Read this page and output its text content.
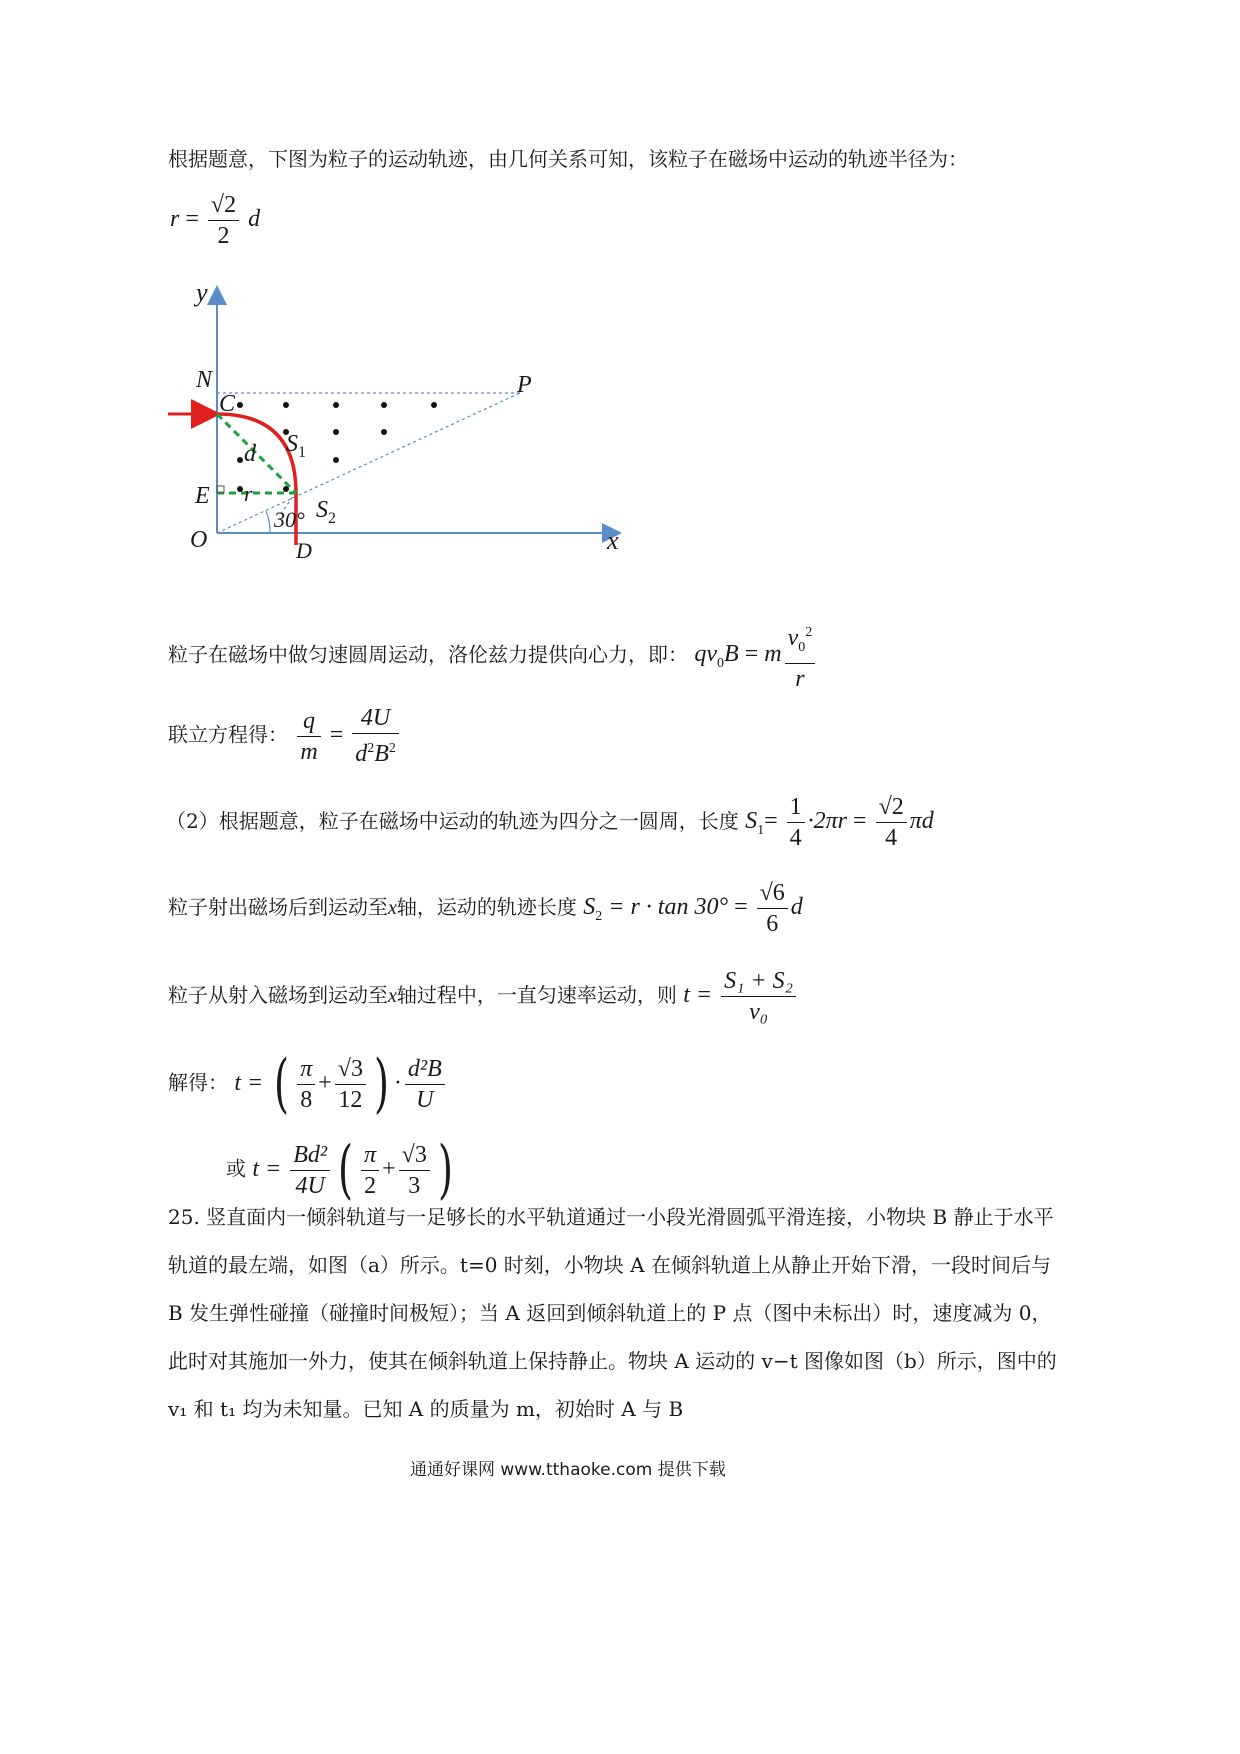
根据题意，下图为粒子的运动轨迹，由几何关系可知，该粒子在磁场中运动的轨迹半径为：
$r = \frac{√2}{2}$ d
y
x
N
C
P
E
O	D
d
r
$S_1$
$S_2$
30°
粒子在磁场中做匀速圆周运动，洛伦兹力提供向心力，即： $qv_0B = m \frac{v_0^2}{r}$
联立方程得： $\frac{q}{m} = \frac{4U}{d^2B^2}$
（2）根据题意，粒子在磁场中运动的轨迹为四分之一圆周，长度 $S_1= \frac{1}{4} \cdot 2\pi r = \frac{√2}{4}$ πd
粒子射出磁场后到运动至x轴，运动的轨迹长度 $S_2 = r \cdot \tan 30^\circ = \frac{√6}{6}$ d
粒子从射入磁场到运动至x轴过程中，一直匀速率运动，则 $t = \frac{\text{S₁ + S₂}}{\text{v₀}}$
解得： t = ( $\frac{\pi}{8} + \frac{√3}{12}$ ) · $\frac{\text{d²B}}{U}$
或 $t = \frac{\text{Bd²}}{4U}$ ( $\frac{\pi}{2} + \frac{√3}{3}$ )
25. 竖直面内一倾斜轨道与一足够长的水平轨道通过一小段光滑圆弧平滑连接，小物块 B 静止于水平轨道的最左端，如图（a）所示。t=0 时刻，小物块 A 在倾斜轨道上从静止开始下滑，一段时间后与 B 发生弹性碰撞（碰撞时间极短）；当 A 返回到倾斜轨道上的 P 点（图中未标出）时，速度减为 0，此时对其施加一外力，使其在倾斜轨道上保持静止。物块 A 运动的 v−t 图像如图（b）所示，图中的 v₁ 和 t₁ 均为未知量。已知 A 的质量为 m，初始时 A 与 B
通通好课网 www.tthaoke.com 提供下载
